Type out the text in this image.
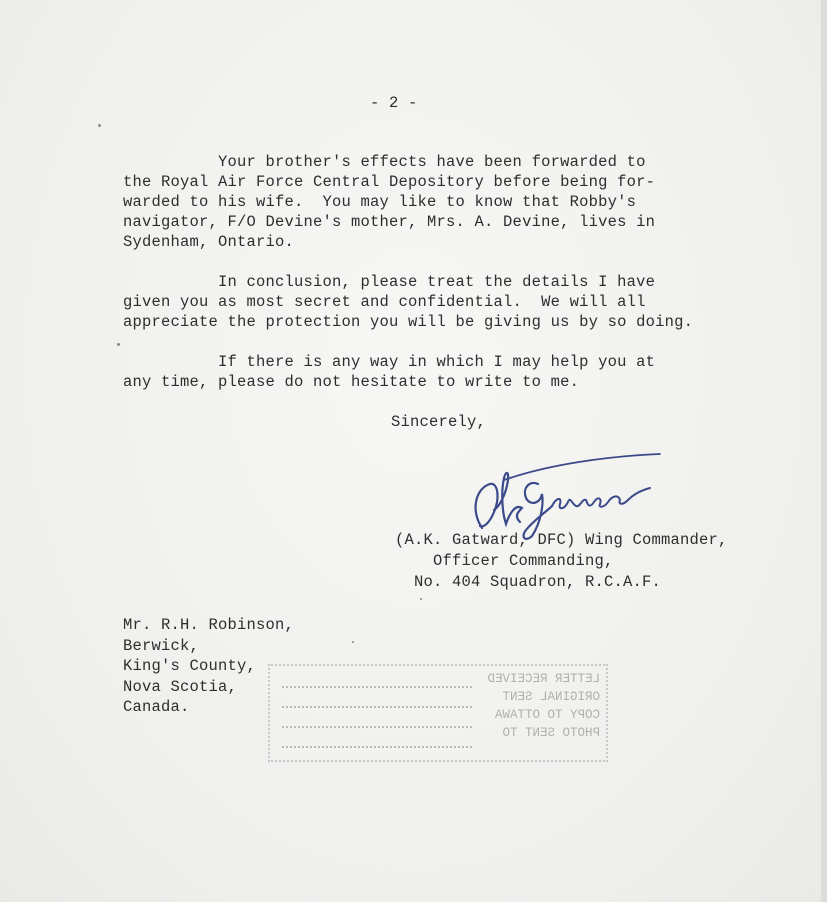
- 2 -

Your brother's effects have been forwarded to
the Royal Air Force Central Depository before being for-
warded to his wife.  You may like to know that Robby's
navigator, F/O Devine's mother, Mrs. A. Devine, lives in
Sydenham, Ontario.

In conclusion, please treat the details I have
given you as most secret and confidential.  We will all
appreciate the protection you will be giving us by so doing.

If there is any way in which I may help you at
any time, please do not hesitate to write to me.

Sincerely,

(A.K. Gatward, DFC) Wing Commander,
Officer Commanding,
No. 404 Squadron, R.C.A.F.

Mr. R.H. Robinson,
Berwick,
King's County,
Nova Scotia,
Canada.

LETTER RECEIVED
ORIGINAL SENT
COPY TO OTTAWA
PHOTO SENT TO
